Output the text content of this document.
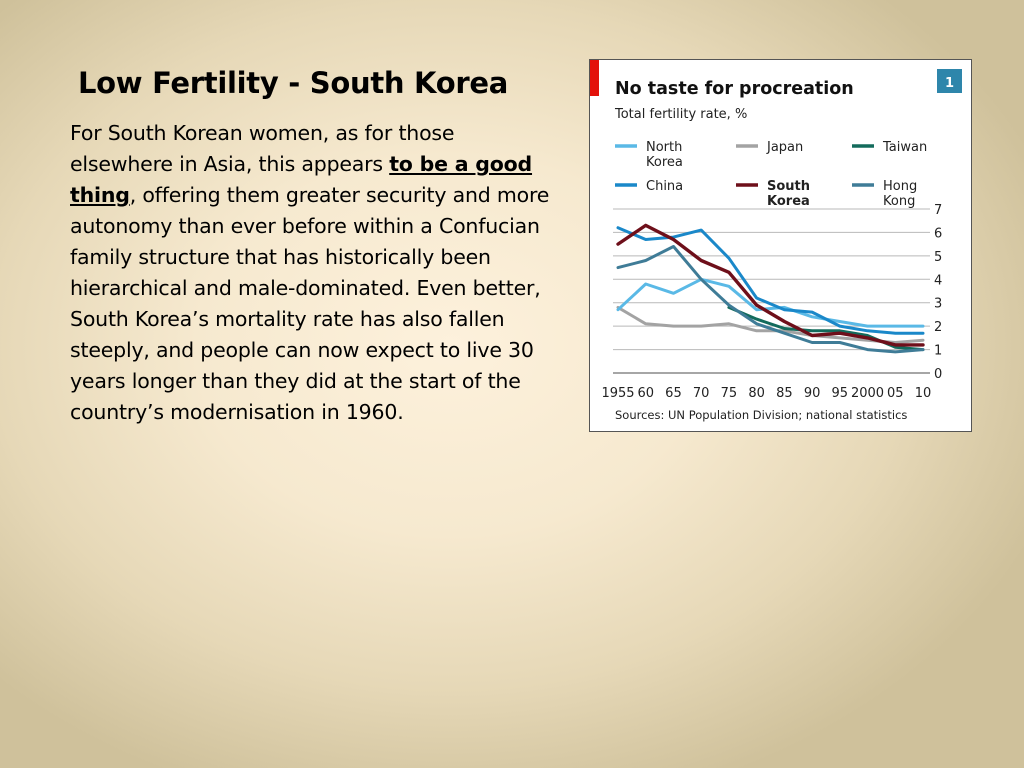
Low Fertility - South Korea

For South Korean women, as for those elsewhere in Asia, this appears to be a good thing, offering them greater security and more autonomy than ever before within a Confucian family structure that has historically been hierarchical and male-dominated. Even better, South Korea’s mortality rate has also fallen steeply, and people can now expect to live 30 years longer than they did at the start of the country’s modernisation in 1960.

No taste for procreation
Total fertility rate, %
1
North
Korea
Japan	Taiwan
China	South
Korea
Hong
Kong
0
1
2
3
4
5
6
7
1955 60 65 70 75 80 85 90 95 2000 05 10
Sources: UN Population Division; national statistics
